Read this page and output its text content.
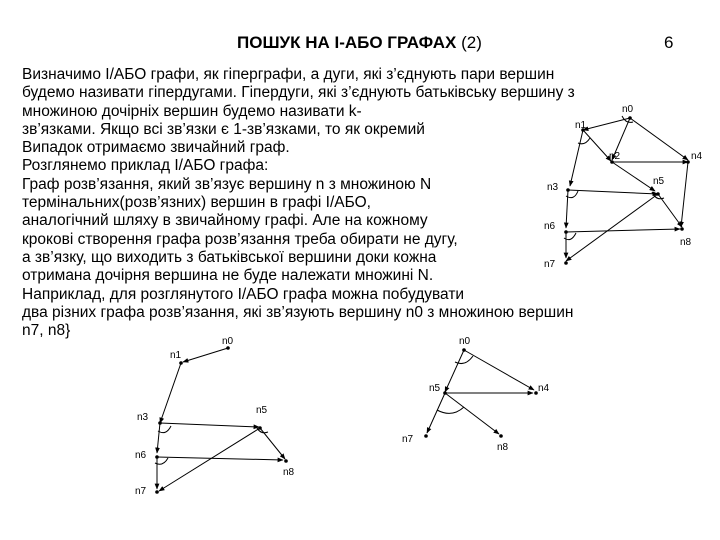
ПОШУК НА І-АБО ГРАФАХ (2)	6
Визначимо І/АБО графи, як гіперграфи, а дуги, які з’єднують пари вершин
будемо називати гіпердугами. Гіпердуги, які з’єднують батьківську вершину з
множиною дочірніх вершин будемо називати k-
зв’язками. Якщо всі зв’язки є 1-зв’язками, то як окремий
Випадок отримаємо звичайний граф.
Розглянемо приклад І/АБО графа:
Граф розв’язання, який зв’язує вершину n з множиною N
термінальних(розв’язних) вершин в графі І/АБО,
аналогічний шляху в звичайному графі. Але на кожному
крокові створення графа розв’язання треба обирати не дугу,
а зв’язку, що виходить з батьківської вершини доки кожна
отримана дочірня вершина не буде належати множині N.
Наприклад, для розглянутого І/АБО графа можна побудувати
два різних графа розв’язання, які зв’язують вершину n0 з множиною вершин
n7, n8}
n0
n1
n2	n4
n3
n5
n6
n8
n7
n0
n1
n3
n5
n6
n8
n7
n0
n5	n4
n7
n8
